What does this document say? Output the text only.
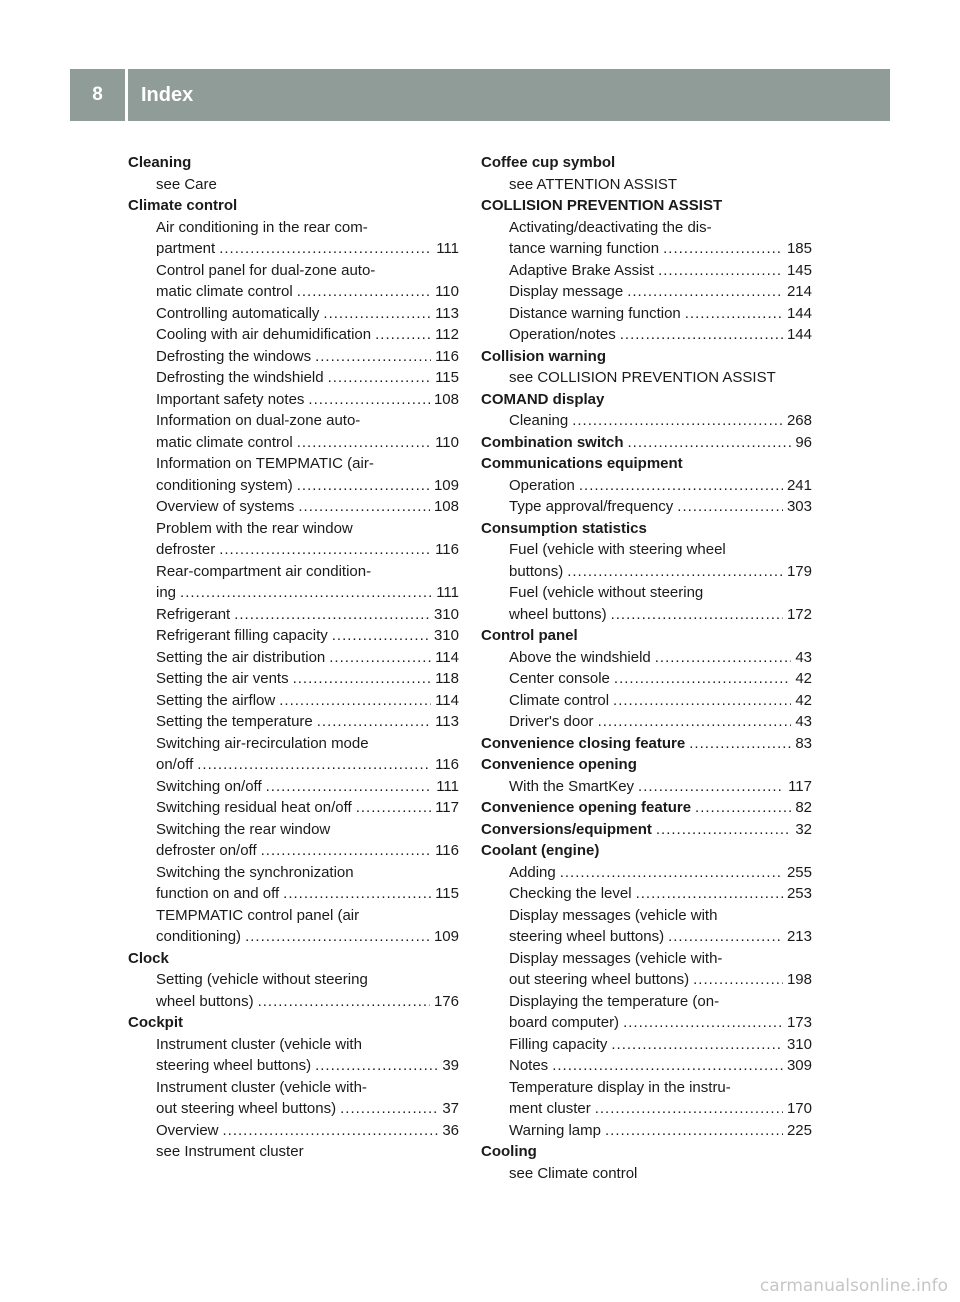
8	Index
Cleaning
see Care
Climate control
Air conditioning in the rear com-
partment .....	111
Control panel for dual-zone auto-
matic climate control .....	110
Controlling automatically .....	113
Cooling with air dehumidification .....	112
Defrosting the windows .....	116
Defrosting the windshield .....	115
Important safety notes .....	108
Information on dual-zone auto-
matic climate control .....	110
Information on TEMPMATIC (air-
conditioning system) .....	109
Overview of systems .....	108
Problem with the rear window
defroster .....	116
Rear-compartment air condition-
ing .....	111
Refrigerant .....	310
Refrigerant filling capacity .....	310
Setting the air distribution .....	114
Setting the air vents .....	118
Setting the airflow .....	114
Setting the temperature .....	113
Switching air-recirculation mode
on/off .....	116
Switching on/off .....	111
Switching residual heat on/off .....	117
Switching the rear window
defroster on/off .....	116
Switching the synchronization
function on and off .....	115
TEMPMATIC control panel (air
conditioning) .....	109
Clock
Setting (vehicle without steering
wheel buttons) .....	176
Cockpit
Instrument cluster (vehicle with
steering wheel buttons) .....	39
Instrument cluster (vehicle with-
out steering wheel buttons) .....	37
Overview .....	36
see Instrument cluster
Coffee cup symbol
see ATTENTION ASSIST
COLLISION PREVENTION ASSIST
Activating/deactivating the dis-
tance warning function .....	185
Adaptive Brake Assist .....	145
Display message .....	214
Distance warning function .....	144
Operation/notes .....	144
Collision warning
see COLLISION PREVENTION ASSIST
COMAND display
Cleaning .....	268
Combination switch .....	96
Communications equipment
Operation .....	241
Type approval/frequency .....	303
Consumption statistics
Fuel (vehicle with steering wheel
buttons) .....	179
Fuel (vehicle without steering
wheel buttons) .....	172
Control panel
Above the windshield .....	43
Center console .....	42
Climate control .....	42
Driver's door .....	43
Convenience closing feature .....	83
Convenience opening
With the SmartKey .....	117
Convenience opening feature .....	82
Conversions/equipment .....	32
Coolant (engine)
Adding .....	255
Checking the level .....	253
Display messages (vehicle with
steering wheel buttons) .....	213
Display messages (vehicle with-
out steering wheel buttons) .....	198
Displaying the temperature (on-
board computer) .....	173
Filling capacity .....	310
Notes .....	309
Temperature display in the instru-
ment cluster .....	170
Warning lamp .....	225
Cooling
see Climate control
carmanualsonline.info
